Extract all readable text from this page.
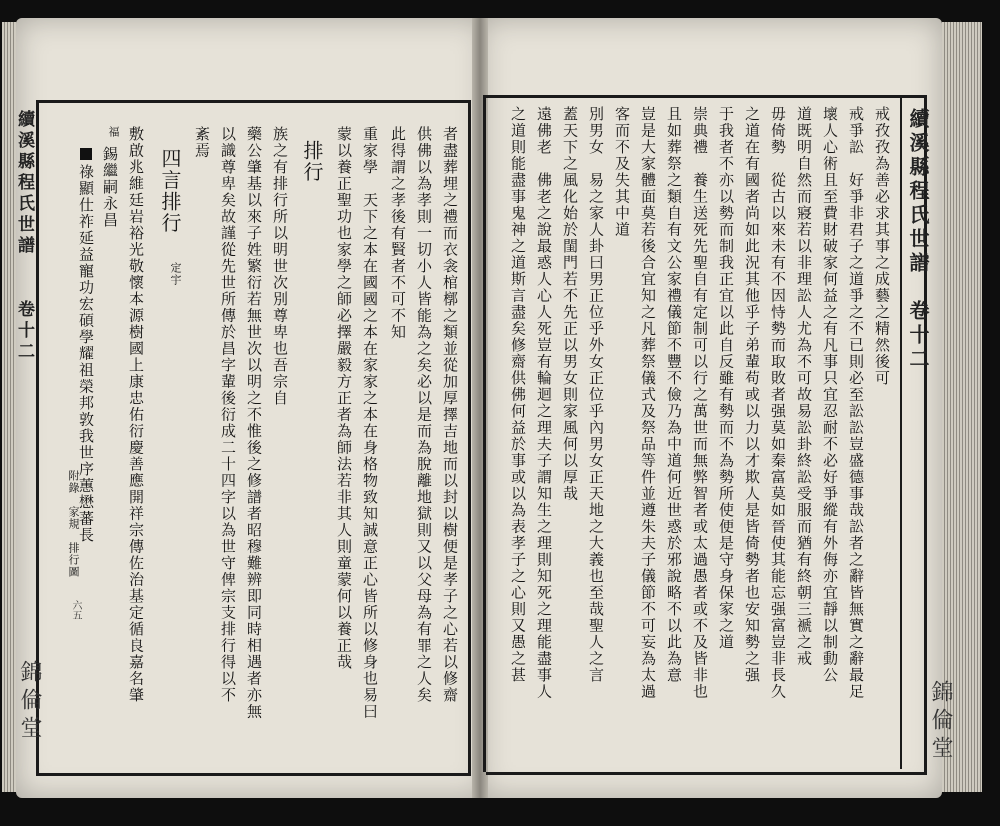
續溪縣程氏世譜
卷十二
錦倫堂
戒孜孜為善必求其事之成藝之精然後可
戒爭訟　好爭非君子之道爭之不已則必至訟訟豈盛德事哉訟者之辭皆無實之辭最足
壞人心術且至費財破家何益之有凡事只宜忍耐不必好爭縱有外侮亦宜靜以制動公
道既明自然而寢若以非理訟人尤為不可故易訟卦終訟受服而猶有終朝三褫之戒
毋倚勢　從古以來未有不因恃勢而取敗者强莫如秦富莫如晉使其能忘强富豈非長久
之道在有國者尚如此況其他乎子弟輩苟或以力以才欺人是皆倚勢者也安知勢之强
于我者不亦以勢而制我正宜以此自反雖有勢而不為勢所使便是守身保家之道
崇典禮　養生送死先聖自有定制可以行之萬世而無弊智者或太過愚者或不及皆非也
且如葬祭之類自有文公家禮儀節不豐不儉乃為中道何近世惑於邪說略不以此為意
豈是大家體面莫若後合宜知之凡葬祭儀式及祭品等件並遵朱夫子儀節不可妄為太過
客而不及失其中道
別男女　易之家人卦曰男正位乎外女正位乎內男女正天地之大義也至哉聖人之言
蓋天下之風化始於閨門若不先正以男女則家風何以厚哉
遠佛老　佛老之說最惑人心人死豈有輪迴之理夫子謂知生之理則知死之理能盡事人
之道則能盡事鬼神之道斯言盡矣修齋供佛何益於事或以為表孝子之心則又愚之甚
續溪縣程氏世譜
卷十二
附錄　家規　排行圖
六五
錦倫堂	者盡葬埋之禮而衣衾棺槨之類並從加厚擇吉地而以封以樹便是孝子之心若以修齋
供佛以為孝則一切小人皆能為之矣必以是而為脫離地獄則又以父母為有罪之人矣
此得謂之孝後有賢者不可不知
重家學　天下之本在國國之本在家家之本在身格物致知誠意正心皆所以修身也易曰
蒙以養正聖功也家學之師必擇嚴毅方正者為師法若非其人則童蒙何以養正哉
排行
族之有排行所以明世次別尊卑也吾宗自
藥公肇基以來子姓繁衍若無世次以明之不惟後之修譜者昭穆難辨即同時相遇者亦無
以識尊卑矣故謹從先世所傳於昌字輩後衍成二十四字以為世守俾宗支排行得以不
紊焉
四言排行
定宇
敷啟兆維廷岩裕光敬懷本源樹國上康忠佑衍慶善應開祥宗傳佐治基定循良嘉名肇
福
錫繼嗣永昌
祿顯仕祚延益寵功宏碩學耀祖榮邦敦我世序蕙懋蕃長
